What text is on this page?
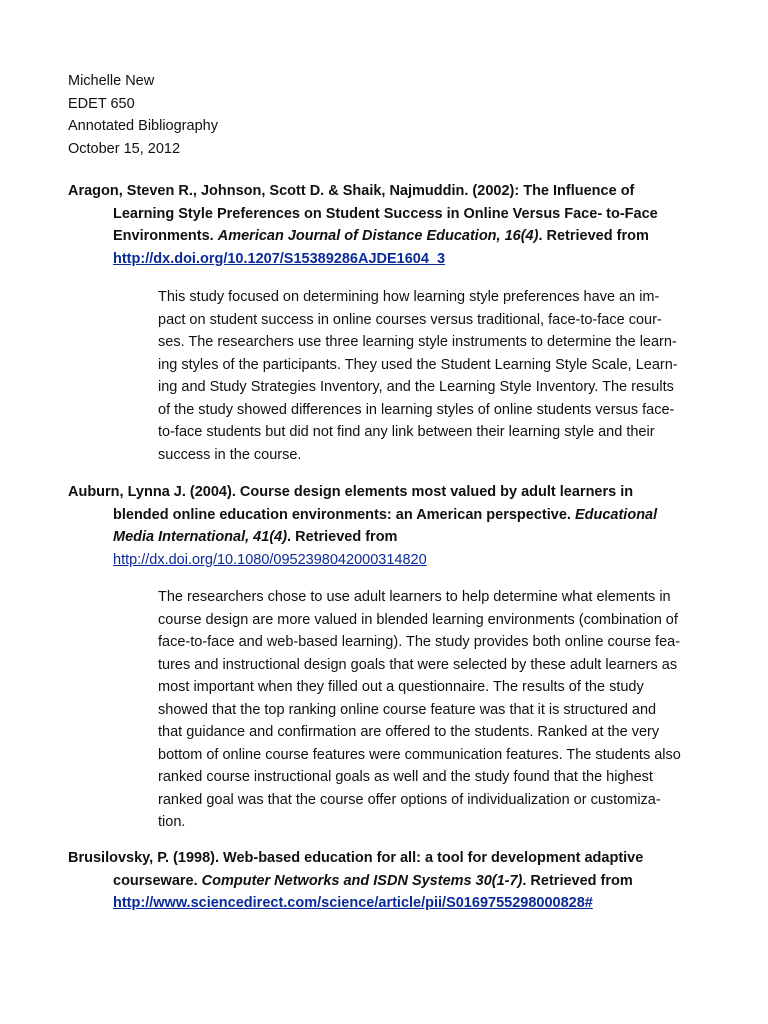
Michelle New
EDET 650
Annotated Bibliography
October 15, 2012
Aragon, Steven R., Johnson, Scott D. & Shaik, Najmuddin. (2002): The Influence of
Learning Style Preferences on Student Success in Online Versus Face- to-Face
Environments. American Journal of Distance Education, 16(4). Retrieved from
http://dx.doi.org/10.1207/S15389286AJDE1604_3
This study focused on determining how learning style preferences have an im-
pact on student success in online courses versus traditional, face-to-face cour-
ses. The researchers use three learning style instruments to determine the learn-
ing styles of the participants. They used the Student Learning Style Scale, Learn-
ing and Study Strategies Inventory, and the Learning Style Inventory. The results
of the study showed differences in learning styles of online students versus face-
to-face students but did not find any link between their learning style and their
success in the course.
Auburn, Lynna J. (2004). Course design elements most valued by adult learners in
blended online education environments: an American perspective. Educational
Media International, 41(4). Retrieved from
http://dx.doi.org/10.1080/0952398042000314820
The researchers chose to use adult learners to help determine what elements in
course design are more valued in blended learning environments (combination of
face-to-face and web-based learning). The study provides both online course fea-
tures and instructional design goals that were selected by these adult learners as
most important when they filled out a questionnaire. The results of the study
showed that the top ranking online course feature was that it is structured and
that guidance and confirmation are offered to the students. Ranked at the very
bottom of online course features were communication features. The students also
ranked course instructional goals as well and the study found that the highest
ranked goal was that the course offer options of individualization or customiza-
tion.
Brusilovsky, P. (1998). Web-based education for all: a tool for development adaptive
courseware. Computer Networks and ISDN Systems 30(1-7). Retrieved from
http://www.sciencedirect.com/science/article/pii/S0169755298000828#
